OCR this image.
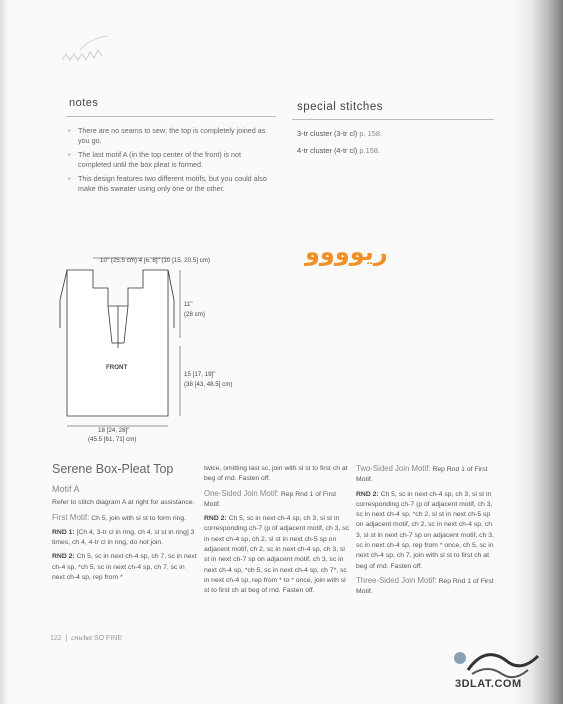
notes
• There are no seams to sew; the top is completely joined as you go.
• The last motif A (in the top center of the front) is not completed until the box pleat is formed.
• This design features two different motifs, but you could also make this sweater using only one or the other.
special stitches
3-tr cluster (3-tr cl) p. 158.
4-tr cluster (4-tr cl) p.158.
ريوووو
10" (25.5 cm) 4 [6, 8]" (10 [15, 20.5] cm)
11"
(28 cm)
FRONT
15 [17, 19]"
(38 [43, 48.5] cm)
18 [24, 28]"
(45.5 [61, 71] cm)
Serene Box-Pleat Top

Motif A

Refer to stitch diagram A at right for assistance.

First Motif: Ch 5, join with sl st to form ring.

RND 1: [Ch 4, 3-tr cl in ring, ch 4, sl st in ring] 3 times, ch 4, 4-tr cl in ring, do not join.

RND 2: Ch 5, sc in next ch-4 sp, ch 7, sc in next ch-4 sp, *ch 5, sc in next ch-4 sp, ch 7, sc in next ch-4 sp, rep from *

twice, omitting last sc, join with sl st to first ch at beg of rnd. Fasten off.

One-Sided Join Motif: Rep Rnd 1 of First Motif.

RND 2: Ch 5, sc in next ch-4 sp, ch 3, sl st in corresponding ch-7 (p of adjacent motif, ch 3, sc in next ch-4 sp, ch 2, sl st in next ch-5 sp on adjacent motif, ch 2, sc in next ch-4 sp, ch 3, sl st in next ch-7 sp on adjacent motif, ch 3, sc in next ch-4 sp, *ch 5, sc in next ch-4 sp, ch 7*, sc in next ch-4 sp, rep from * to * once, join with sl st to first ch at beg of rnd. Fasten off.

Two-Sided Join Motif: Rep Rnd 1 of First Motif.

RND 2: Ch 5, sc in next ch-4 sp, ch 3, sl st in corresponding ch-7 (p of adjacent motif, ch 3, sc in next ch-4 sp, *ch 2, sl st in next ch-5 sp on adjacent motif, ch 2, sc in next ch-4 sp, ch 3, sl st in next ch-7 sp on adjacent motif, ch 3, sc in next ch-4 sp, rep from * once, ch 5, sc in next ch-4 sp, ch 7, join with sl st to first ch at beg of rnd. Fasten off.

Three-Sided Join Motif: Rep Rnd 1 of First Motif.

122 | crochet SO FINE
3DLAT.COM
